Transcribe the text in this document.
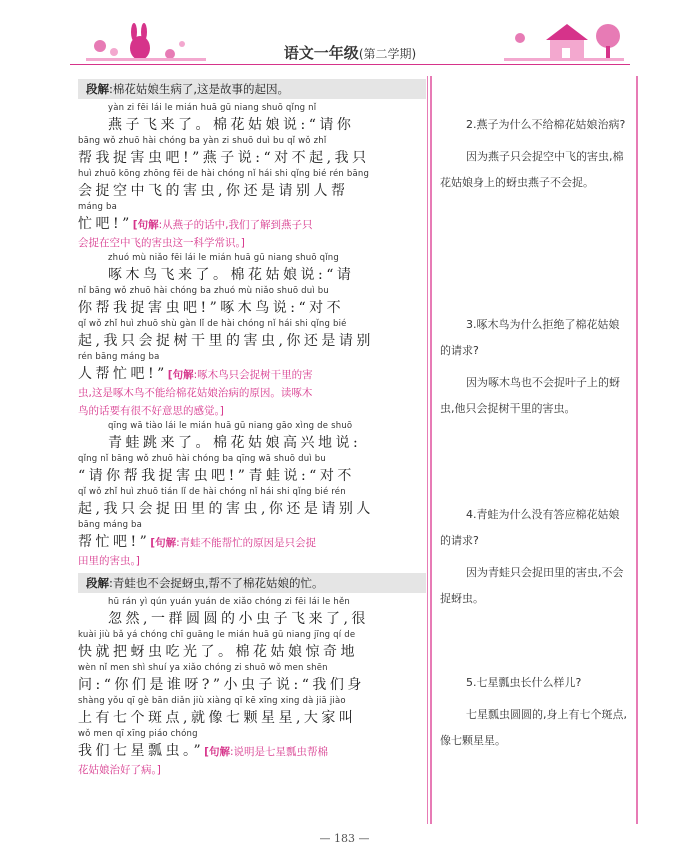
语文一年级(第二学期)
段解:棉花姑娘生病了,这是故事的起因。
yàn zi fēi lái le mián huā gū niang shuō qǐng nǐ
燕子飞来了。棉花姑娘说:“请你
bāng wǒ zhuō hài chóng ba yàn zi shuō duì bu qǐ wǒ zhǐ
帮我捉害虫吧!”燕子说:“对不起,我只
huì zhuō kōng zhōng fēi de hài chóng nǐ hái shi qǐng bié rén bāng
会捉空中飞的害虫,你还是请别人帮
máng ba
忙吧!”[句解:从燕子的话中,我们了解到燕子只
会捉在空中飞的害虫这一科学常识。]
zhuó mù niǎo fēi lái le mián huā gū niang shuō qǐng
啄木鸟飞来了。棉花姑娘说:“请
nǐ bāng wǒ zhuō hài chóng ba zhuó mù niǎo shuō duì bu
你帮我捉害虫吧!”啄木鸟说:“对不
qǐ wǒ zhǐ huì zhuō shù gàn lǐ de hài chóng nǐ hái shi qǐng bié
起,我只会捉树干里的害虫,你还是请别
rén bāng máng ba
人帮忙吧!”[句解:啄木鸟只会捉树干里的害
虫,这是啄木鸟不能给棉花姑娘治病的原因。读啄木
鸟的话要有很不好意思的感觉。]
qīng wā tiào lái le mián huā gū niang gāo xìng de shuō
青蛙跳来了。棉花姑娘高兴地说:
qǐng nǐ bāng wǒ zhuō hài chóng ba qīng wā shuō duì bu
“请你帮我捉害虫吧!”青蛙说:“对不
qǐ wǒ zhǐ huì zhuō tián lǐ de hài chóng nǐ hái shi qǐng bié rén
起,我只会捉田里的害虫,你还是请别人
bāng máng ba
帮忙吧!”[句解:青蛙不能帮忙的原因是只会捉
田里的害虫。]
段解:青蛙也不会捉蚜虫,帮不了棉花姑娘的忙。
hū rán yì qún yuán yuán de xiǎo chóng zi fēi lái le hěn
忽然,一群圆圆的小虫子飞来了,很
kuài jiù bǎ yá chóng chī guāng le mián huā gū niang jīng qí de
快就把蚜虫吃光了。棉花姑娘惊奇地
wèn nǐ men shì shuí ya xiǎo chóng zi shuō wǒ men shēn
问:“你们是谁呀?”小虫子说:“我们身
shàng yǒu qī gè bān diǎn jiù xiàng qī kē xīng xing dà jiā jiào
上有七个斑点,就像七颗星星,大家叫
wǒ men qī xīng piáo chóng
我们七星瓢虫。”[句解:说明是七星瓢虫帮棉
花姑娘治好了病。]
2.燕子为什么不给棉花姑娘治病?
因为燕子只会捉空中飞的害虫,棉花姑娘身上的蚜虫燕子不会捉。
3.啄木鸟为什么拒绝了棉花姑娘的请求?
因为啄木鸟也不会捉叶子上的蚜虫,他只会捉树干里的害虫。
4.青蛙为什么没有答应棉花姑娘的请求?
因为青蛙只会捉田里的害虫,不会捉蚜虫。
5.七星瓢虫长什么样儿?
七星瓢虫圆圆的,身上有七个斑点,像七颗星星。
— 183 —
